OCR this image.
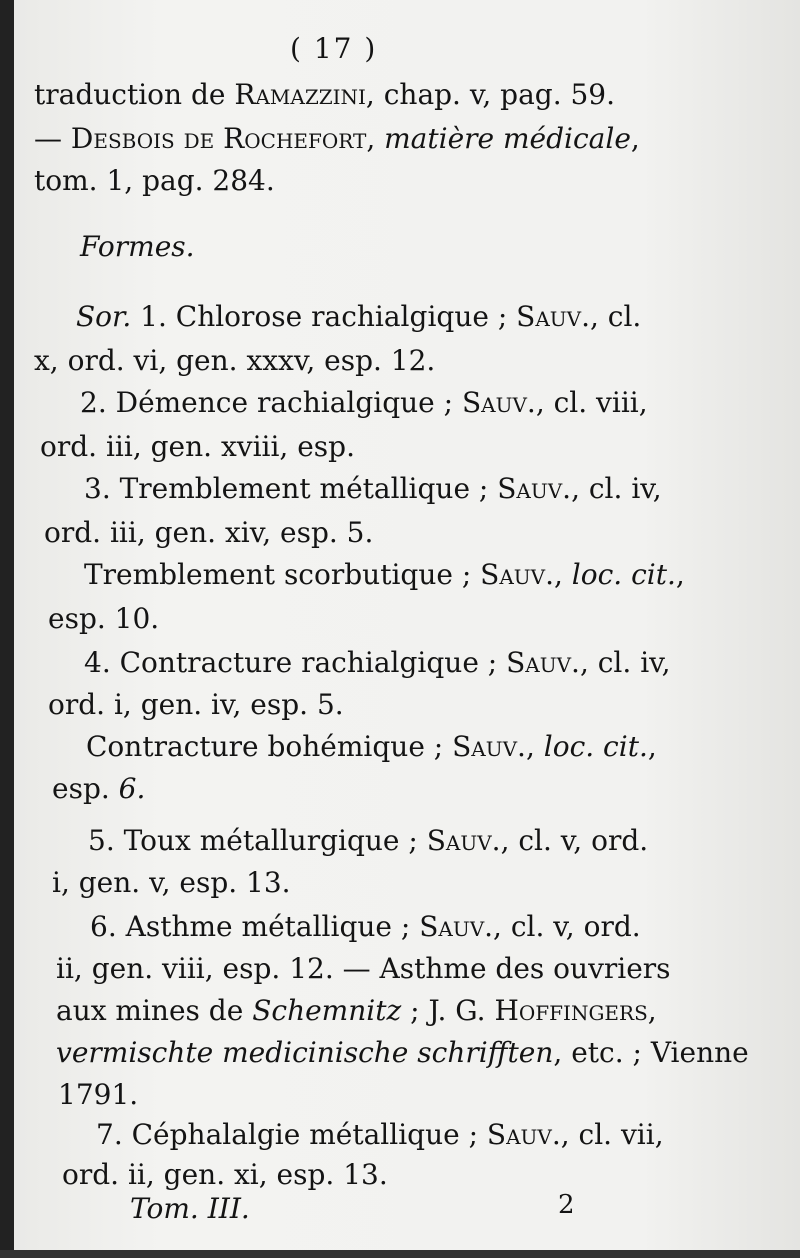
( 17 )
traduction de Ramazzini, chap. v, pag. 59.
— Desbois de Rochefort, matière médicale,
tom. 1, pag. 284.
Formes.
Sor. 1. Chlorose rachialgique ; Sauv., cl.
x, ord. vi, gen. xxxv, esp. 12.
2. Démence rachialgique ; Sauv., cl. viii,
ord. iii, gen. xviii, esp.
3. Tremblement métallique ; Sauv., cl. iv,
ord. iii, gen. xiv, esp. 5.
Tremblement scorbutique ; Sauv., loc. cit.,
esp. 10.
4. Contracture rachialgique ; Sauv., cl. iv,
ord. i, gen. iv, esp. 5.
Contracture bohémique ; Sauv., loc. cit.,
esp. 6.
5. Toux métallurgique ; Sauv., cl. v, ord.
i, gen. v, esp. 13.
6. Asthme métallique ; Sauv., cl. v, ord.
ii, gen. viii, esp. 12. — Asthme des ouvriers
aux mines de Schemnitz ; J. G. Hoffingers,
vermischte medicinische schrifften, etc. ; Vienne
1791.
7. Céphalalgie métallique ; Sauv., cl. vii,
ord. ii, gen. xi, esp. 13.
Tom. III.	2
